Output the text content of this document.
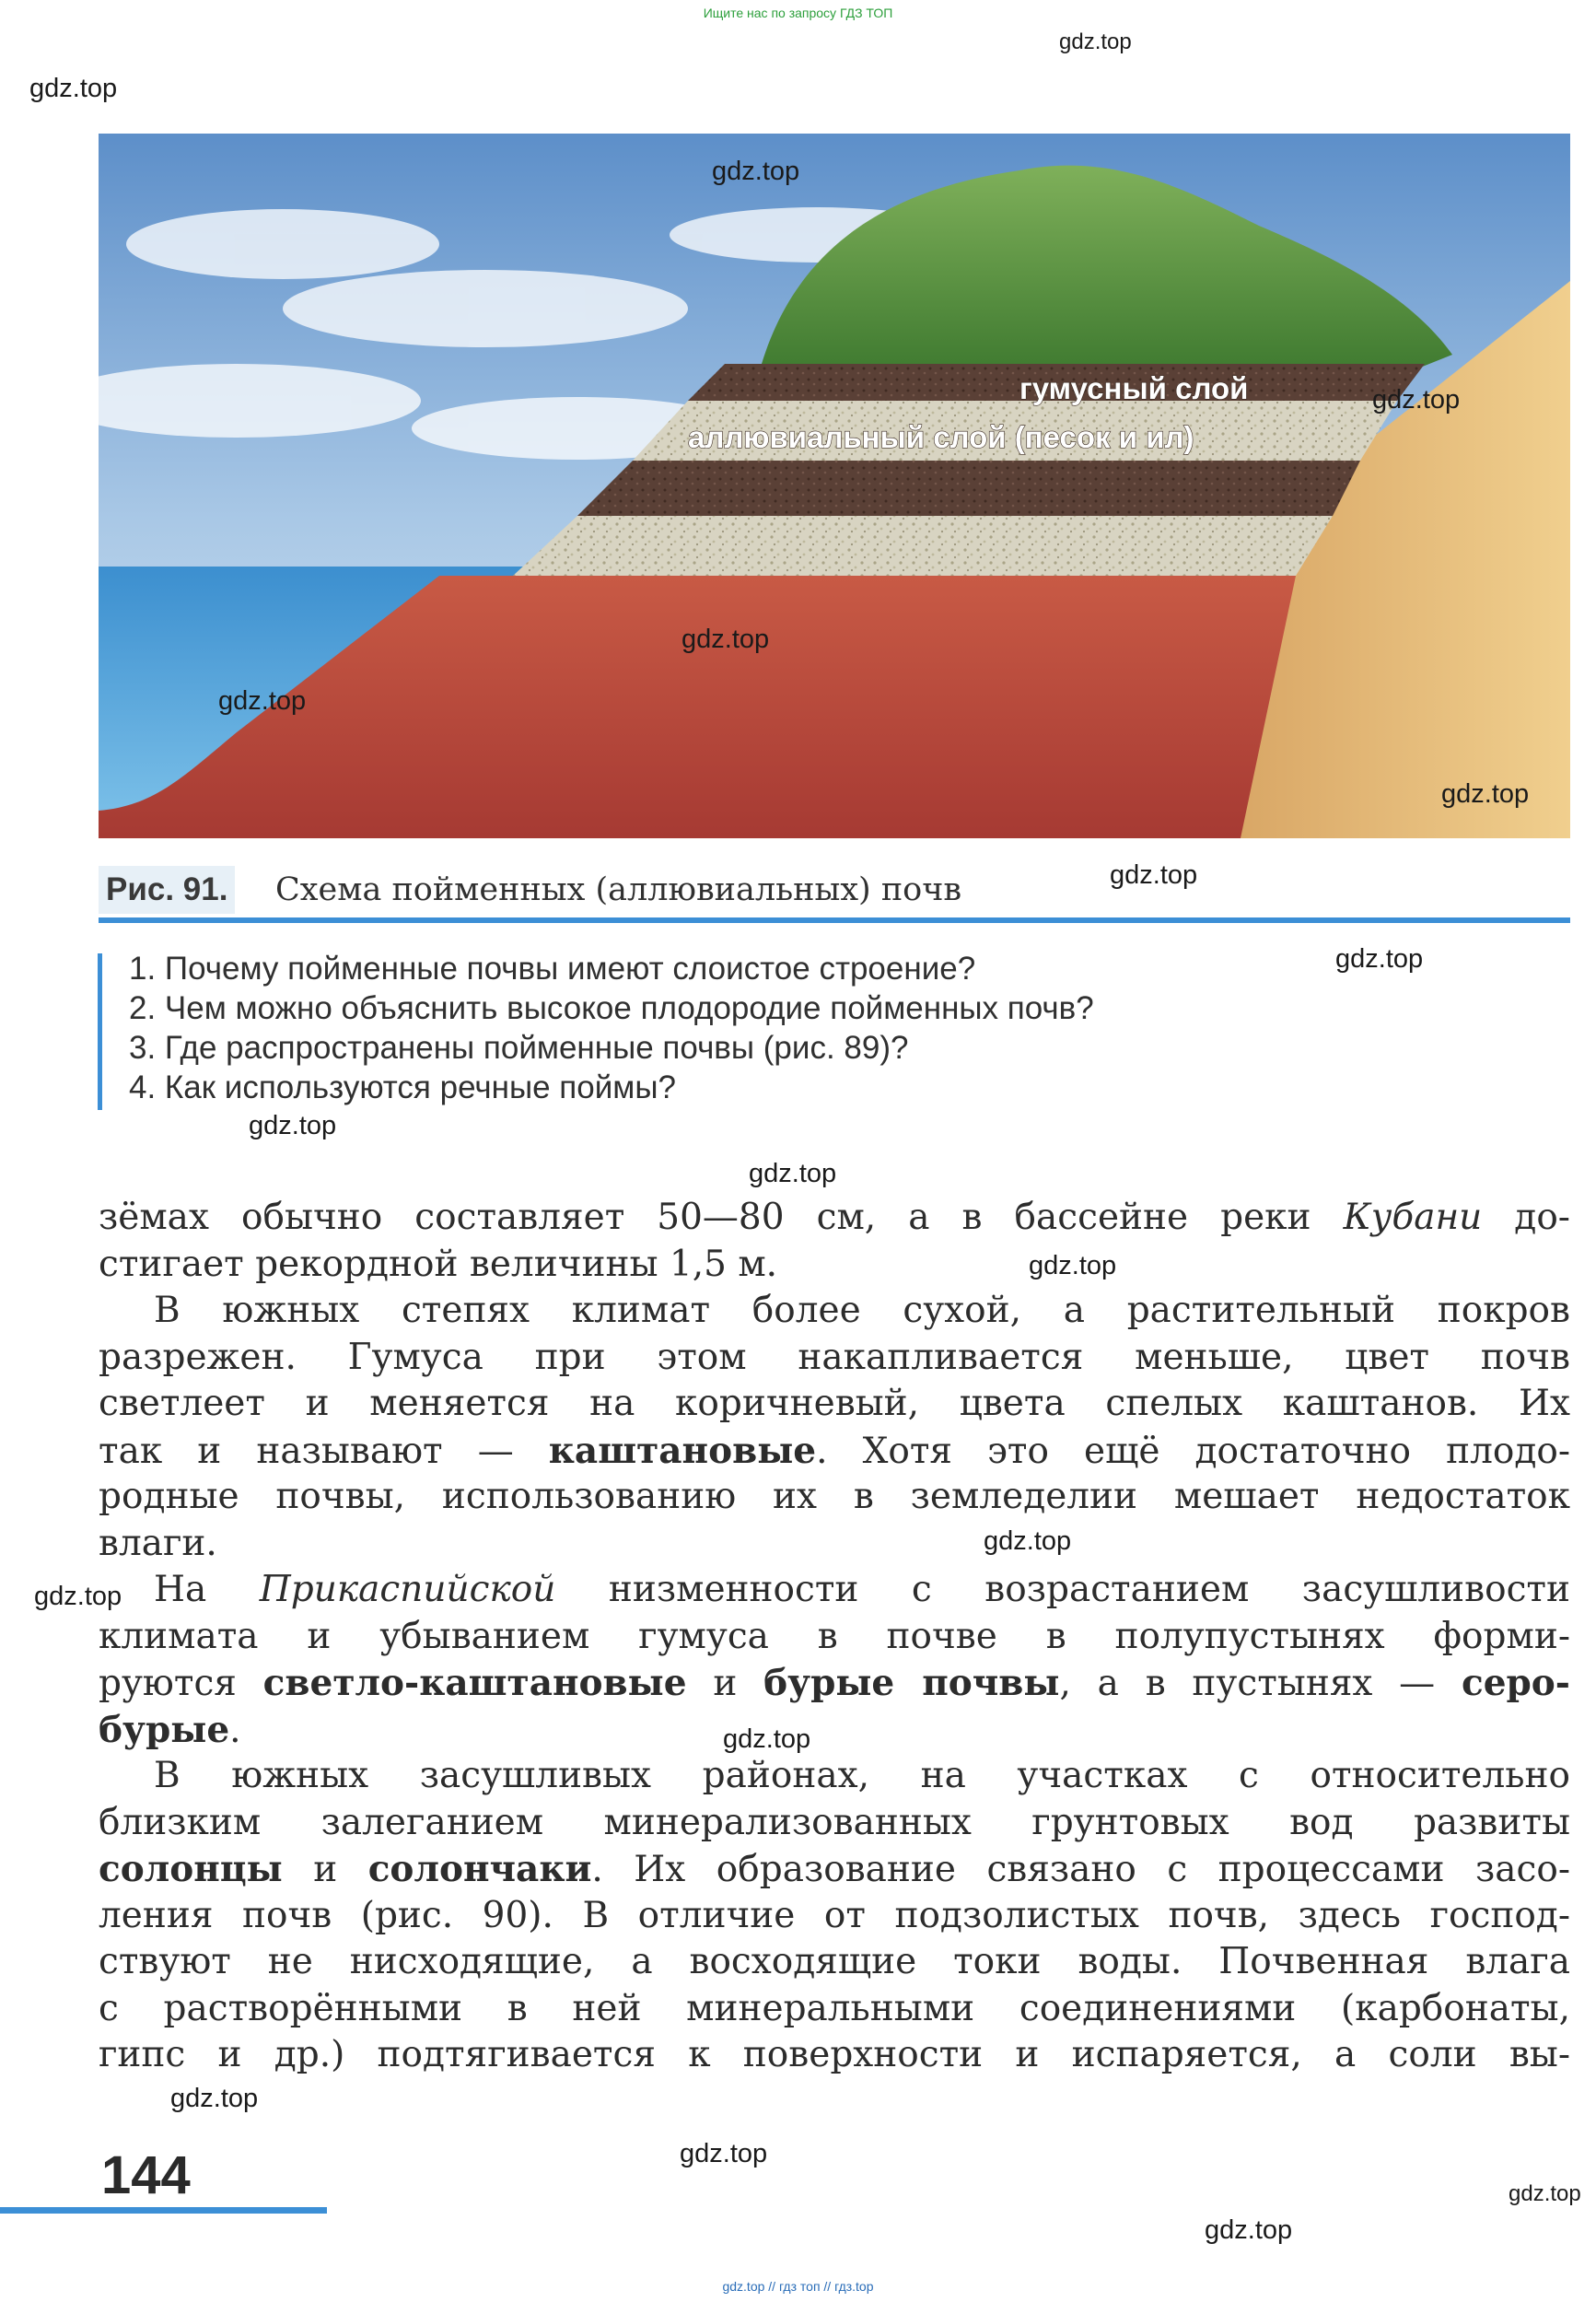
Ищите нас по запросу ГДЗ ТОП
гумусный слой
аллювиальный слой (песок и ил)
Рис. 91. Схема пойменных (аллювиальных) почв
1. Почему пойменные почвы имеют слоистое строение?
2. Чем можно объяснить высокое плодородие пойменных почв?
3. Где распространены пойменные почвы (рис. 89)?
4. Как используются речные поймы?
зёмах обычно составляет 50—80 см, а в бассейне реки Кубани до-
стигает рекордной величины 1,5 м.
В южных степях климат более сухой, а растительный покров
разрежен. Гумуса при этом накапливается меньше, цвет почв
светлеет и меняется на коричневый, цвета спелых каштанов. Их
так и называют — каштановые. Хотя это ещё достаточно плодо-
родные почвы, использованию их в земледелии мешает недостаток
влаги.
На Прикаспийской низменности с возрастанием засушливости
климата и убыванием гумуса в почве в полупустынях форми-
руются светло-каштановые и бурые почвы, а в пустынях — серо-
бурые.
В южных засушливых районах, на участках с относительно
близким залеганием минерализованных грунтовых вод развиты
солонцы и солончаки. Их образование связано с процессами засо-
ления почв (рис. 90). В отличие от подзолистых почв, здесь господ-
ствуют не нисходящие, а восходящие токи воды. Почвенная влага
с растворёнными в ней минеральными соединениями (карбонаты,
гипс и др.) подтягивается к поверхности и испаряется, а соли вы-
144
gdz.top // гдз топ // гдз.top
gdz.top
gdz.top
gdz.top
gdz.top
gdz.top
gdz.top
gdz.top
gdz.top
gdz.top
gdz.top
gdz.top
gdz.top
gdz.top
gdz.top
gdz.top
gdz.top
gdz.top
gdz.top
gdz.top
